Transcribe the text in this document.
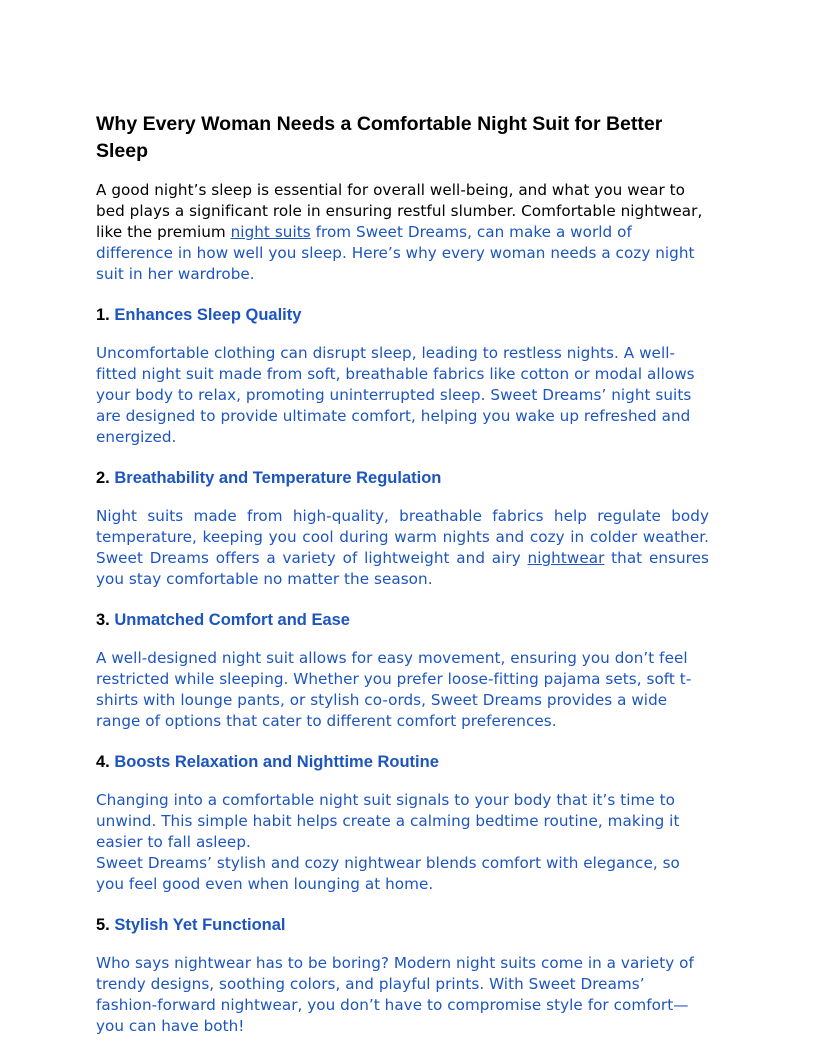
Why Every Woman Needs a Comfortable Night Suit for Better Sleep

A good night’s sleep is essential for overall well-being, and what you wear to bed plays a significant role in ensuring restful slumber. Comfortable nightwear, like the premium night suits from Sweet Dreams, can make a world of difference in how well you sleep. Here’s why every woman needs a cozy night suit in her wardrobe.

1. Enhances Sleep Quality

Uncomfortable clothing can disrupt sleep, leading to restless nights. A well-fitted night suit made from soft, breathable fabrics like cotton or modal allows your body to relax, promoting uninterrupted sleep. Sweet Dreams’ night suits are designed to provide ultimate comfort, helping you wake up refreshed and energized.

2. Breathability and Temperature Regulation

Night suits made from high-quality, breathable fabrics help regulate body temperature, keeping you cool during warm nights and cozy in colder weather. Sweet Dreams offers a variety of lightweight and airy nightwear that ensures you stay comfortable no matter the season.

3. Unmatched Comfort and Ease

A well-designed night suit allows for easy movement, ensuring you don’t feel restricted while sleeping. Whether you prefer loose-fitting pajama sets, soft t-shirts with lounge pants, or stylish co-ords, Sweet Dreams provides a wide range of options that cater to different comfort preferences.

4. Boosts Relaxation and Nighttime Routine

Changing into a comfortable night suit signals to your body that it’s time to unwind. This simple habit helps create a calming bedtime routine, making it easier to fall asleep.
Sweet Dreams’ stylish and cozy nightwear blends comfort with elegance, so you feel good even when lounging at home.

5. Stylish Yet Functional

Who says nightwear has to be boring? Modern night suits come in a variety of trendy designs, soothing colors, and playful prints. With Sweet Dreams’ fashion-forward nightwear, you don’t have to compromise style for comfort—you can have both!
